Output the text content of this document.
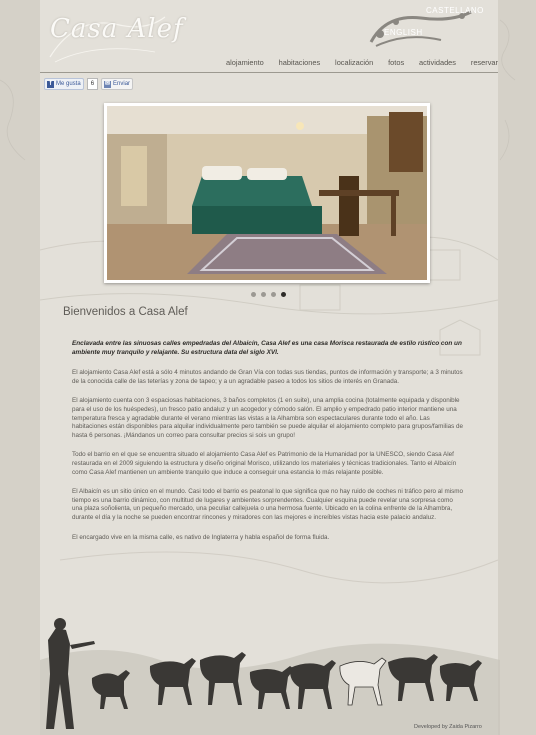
Casa Alef
CASTELLANO
ENGLISH
alojamiento habitaciones localización fotos actividades reservar
f Me gusta	6	✉ Enviar
Bienvenidos a Casa Alef

Enclavada entre las sinuosas calles empedradas del Albaicín, Casa Alef es una casa Morisca restaurada de estilo rústico con un ambiente muy tranquilo y relajante. Su estructura data del siglo XVI.

El alojamiento Casa Alef está a sólo 4 minutos andando de Gran Vía con todas sus tiendas, puntos de información y transporte; a 3 minutos de la conocida calle de las teterías y zona de tapeo; y a un agradable paseo a todos los sitios de interés en Granada.

El alojamiento cuenta con 3 espaciosas habitaciones, 3 baños completos (1 en suite), una amplia cocina (totalmente equipada y disponible para el uso de los huéspedes), un fresco patio andaluz y un acogedor y cómodo salón. El amplio y empedrado patio interior mantiene una temperatura fresca y agradable durante el verano mientras las vistas a la Alhambra son espectaculares durante todo el año. Las habitaciones están disponibles para alquilar individualmente pero también se puede alquilar el alojamiento completo para grupos/familias de hasta 6 personas. ¡Mándanos un correo para consultar precios si sois un grupo!

Todo el barrio en el que se encuentra situado el alojamiento Casa Alef es Patrimonio de la Humanidad por la UNESCO, siendo Casa Alef restaurada en el 2009 siguiendo la estructura y diseño original Morisco, utilizando los materiales y técnicas tradicionales. Tanto el Albaicín como Casa Alef mantienen un ambiente tranquilo que induce a conseguir una estancia lo más relajante posible.

El Albaicín es un sitio único en el mundo. Casi todo el barrio es peatonal lo que significa que no hay ruido de coches ni tráfico pero al mismo tiempo es una barrio dinámico, con multitud de lugares y ambientes sorprendentes. Cualquier esquina puede revelar una sorpresa como una plaza soñolienta, un pequeño mercado, una peculiar callejuela o una hermosa fuente. Ubicado en la colina enfrente de la Alhambra, durante el día y la noche se pueden encontrar rincones y miradores con las mejores e increíbles vistas hacia este palacio andaluz.

El encargado vive en la misma calle, es nativo de Inglaterra y habla español de forma fluida.

Developed by Zaida Pizarro
